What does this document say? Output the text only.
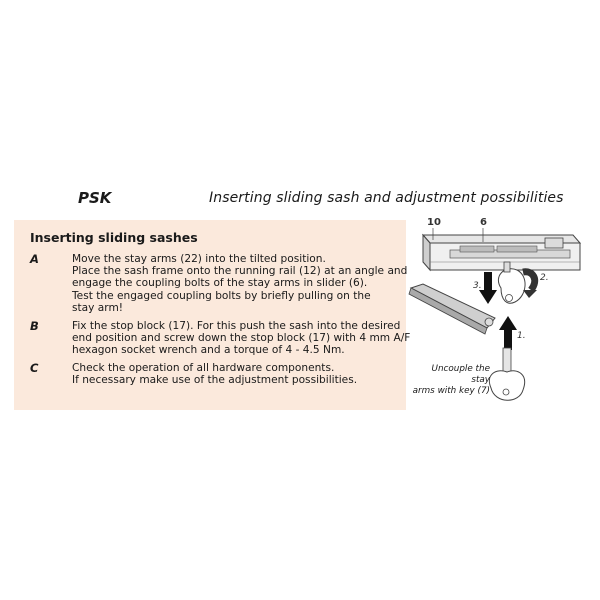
PSK	Inserting sliding sash and adjustment possibilities
Inserting sliding sashes
A	Move the stay arms (22) into the tilted position.
Place the sash frame onto the running rail (12) at an angle and
engage the coupling bolts of the stay arms in slider (6).
Test the engaged coupling bolts by briefly pulling on the
stay arm!
B	Fix the stop block (17). For this push the sash into the desired
end position and screw down the stop block (17) with 4 mm A/F
hexagon socket wrench and a torque of 4 - 4.5 Nm.
C	Check the operation of all hardware components.
If necessary make use of the adjustment possibilities.
10	6
1.
2.
3.
Uncouple the stay
arms with key (7)
